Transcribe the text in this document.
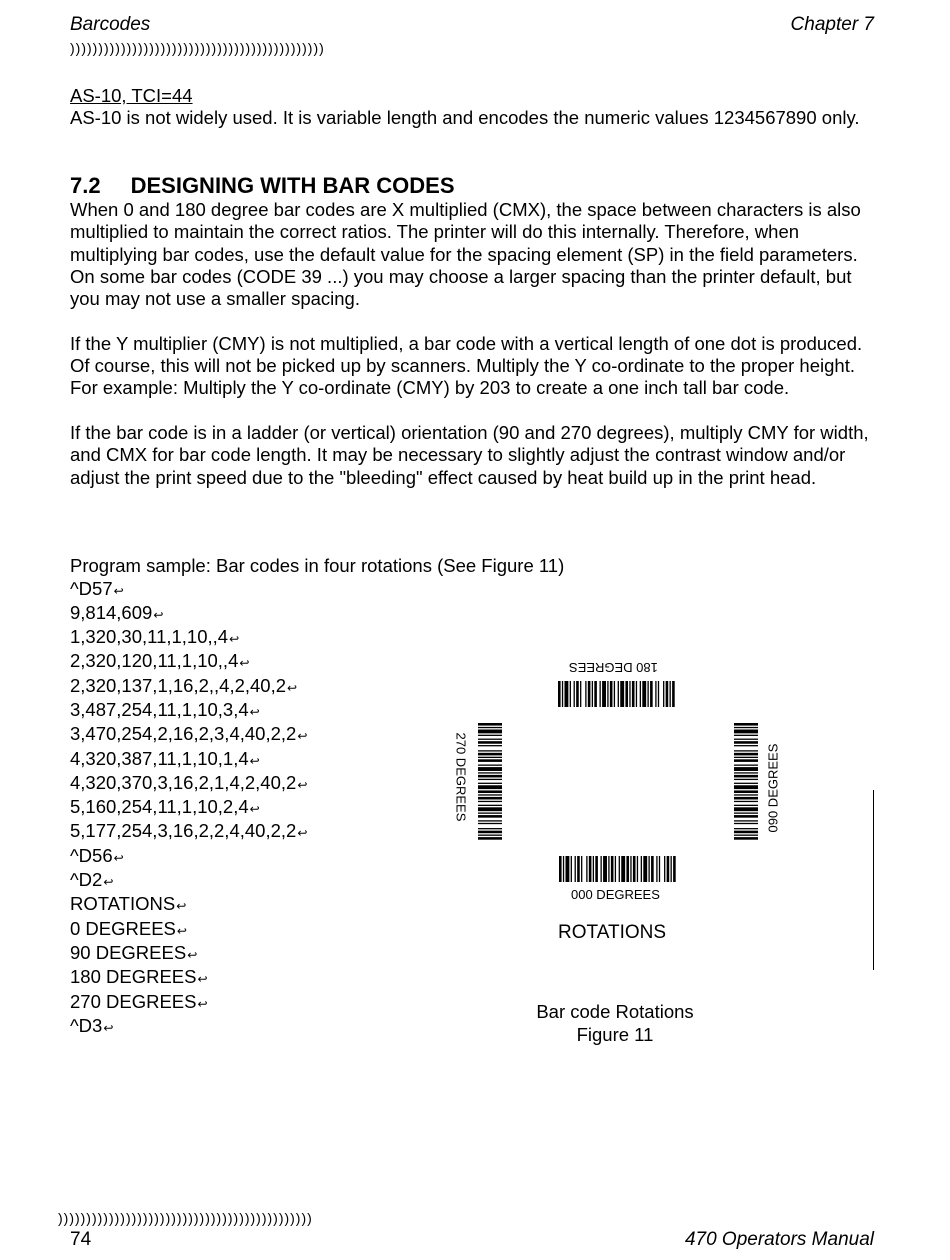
Barcodes	Chapter 7
)))))))))))))))))))))))))))))))))))))))))))))
AS-10, TCI=44

AS-10 is not widely used. It is variable length and encodes the numeric values 1234567890 only.

7.2 DESIGNING WITH BAR CODES

When 0 and 180 degree bar codes are X multiplied (CMX), the space between characters is also multiplied to maintain the correct ratios. The printer will do this internally. Therefore, when multiplying bar codes, use the default value for the spacing element (SP) in the field parameters. On some bar codes (CODE 39 ...) you may choose a larger spacing than the printer default, but you may not use a smaller spacing.

If the Y multiplier (CMY) is not multiplied, a bar code with a vertical length of one dot is produced. Of course, this will not be picked up by scanners. Multiply the Y co-ordinate to the proper height. For example: Multiply the Y co-ordinate (CMY) by 203 to create a one inch tall bar code.

If the bar code is in a ladder (or vertical) orientation (90 and 270 degrees), multiply CMY for width, and CMX for bar code length. It may be necessary to slightly adjust the contrast window and/or adjust the print speed due to the "bleeding" effect caused by heat build up in the print head.

Program sample: Bar codes in four rotations (See Figure 11)
^D57↩
9,814,609↩
1,320,30,11,1,10,,4↩
2,320,120,11,1,10,,4↩
2,320,137,1,16,2,,4,2,40,2↩
3,487,254,11,1,10,3,4↩
3,470,254,2,16,2,3,4,40,2,2↩
4,320,387,11,1,10,1,4↩
4,320,370,3,16,2,1,4,2,40,2↩
5,160,254,11,1,10,2,4↩
5,177,254,3,16,2,2,4,40,2,2↩
^D56↩
^D2↩
ROTATIONS↩
0 DEGREES↩
90 DEGREES↩
180 DEGREES↩
270 DEGREES↩
^D3↩
180 DEGREES
270 DEGREES	090 DEGREES
000 DEGREES
ROTATIONS
Bar code Rotations
Figure 11
)))))))))))))))))))))))))))))))))))))))))))))
74	470 Operators Manual
